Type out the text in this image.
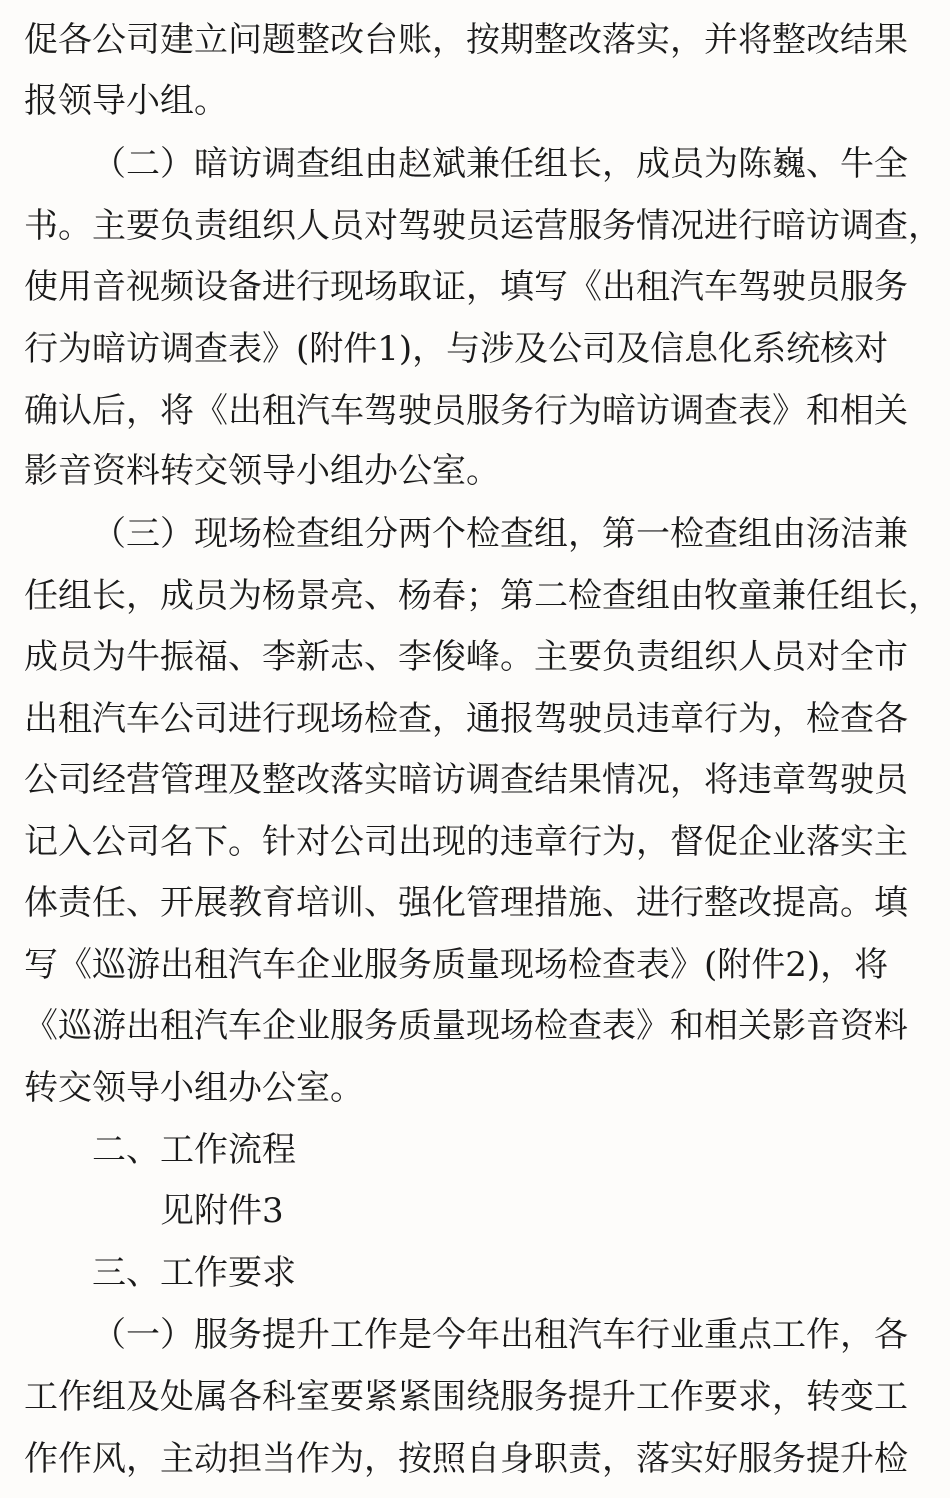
促各公司建立问题整改台账，按期整改落实，并将整改结果
报领导小组。
（二）暗访调查组由赵斌兼任组长，成员为陈巍、牛全
书。主要负责组织人员对驾驶员运营服务情况进行暗访调查，
使用音视频设备进行现场取证，填写《出租汽车驾驶员服务
行为暗访调查表》(附件1)，与涉及公司及信息化系统核对
确认后，将《出租汽车驾驶员服务行为暗访调查表》和相关
影音资料转交领导小组办公室。
（三）现场检查组分两个检查组，第一检查组由汤洁兼
任组长，成员为杨景亮、杨春；第二检查组由牧童兼任组长，
成员为牛振福、李新志、李俊峰。主要负责组织人员对全市
出租汽车公司进行现场检查，通报驾驶员违章行为，检查各
公司经营管理及整改落实暗访调查结果情况，将违章驾驶员
记入公司名下。针对公司出现的违章行为，督促企业落实主
体责任、开展教育培训、强化管理措施、进行整改提高。填
写《巡游出租汽车企业服务质量现场检查表》(附件2)，将
《巡游出租汽车企业服务质量现场检查表》和相关影音资料
转交领导小组办公室。
二、工作流程
见附件3
三、工作要求
（一）服务提升工作是今年出租汽车行业重点工作，各
工作组及处属各科室要紧紧围绕服务提升工作要求，转变工
作作风，主动担当作为，按照自身职责，落实好服务提升检
